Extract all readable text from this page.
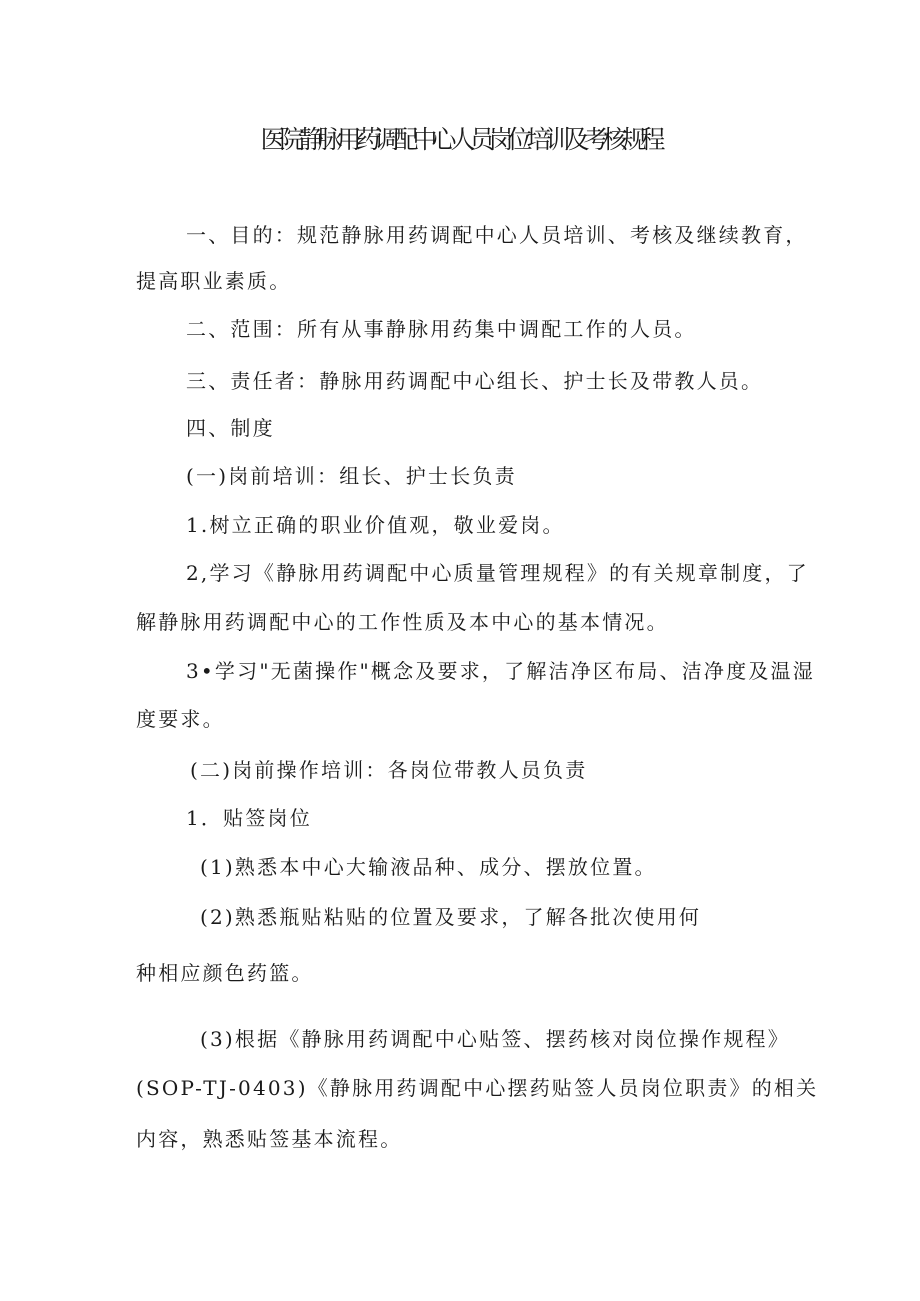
医院静脉用药调配中心人员岗位培训及考核规程
一、目的：规范静脉用药调配中心人员培训、考核及继续教育，
提高职业素质。
二、范围：所有从事静脉用药集中调配工作的人员。
三、责任者：静脉用药调配中心组长、护士长及带教人员。
四、制度
(一)岗前培训：组长、护士长负责
1.树立正确的职业价值观，敬业爱岗。
2,学习《静脉用药调配中心质量管理规程》的有关规章制度，了
解静脉用药调配中心的工作性质及本中心的基本情况。
3•学习"无菌操作"概念及要求，了解洁净区布局、洁净度及温湿
度要求。
(二)岗前操作培训：各岗位带教人员负责
1．贴签岗位
(1)熟悉本中心大输液品种、成分、摆放位置。
(2)熟悉瓶贴粘贴的位置及要求，了解各批次使用何
种相应颜色药篮。
(3)根据《静脉用药调配中心贴签、摆药核对岗位操作规程》
(SOP-TJ-0403)《静脉用药调配中心摆药贴签人员岗位职责》的相关
内容，熟悉贴签基本流程。
